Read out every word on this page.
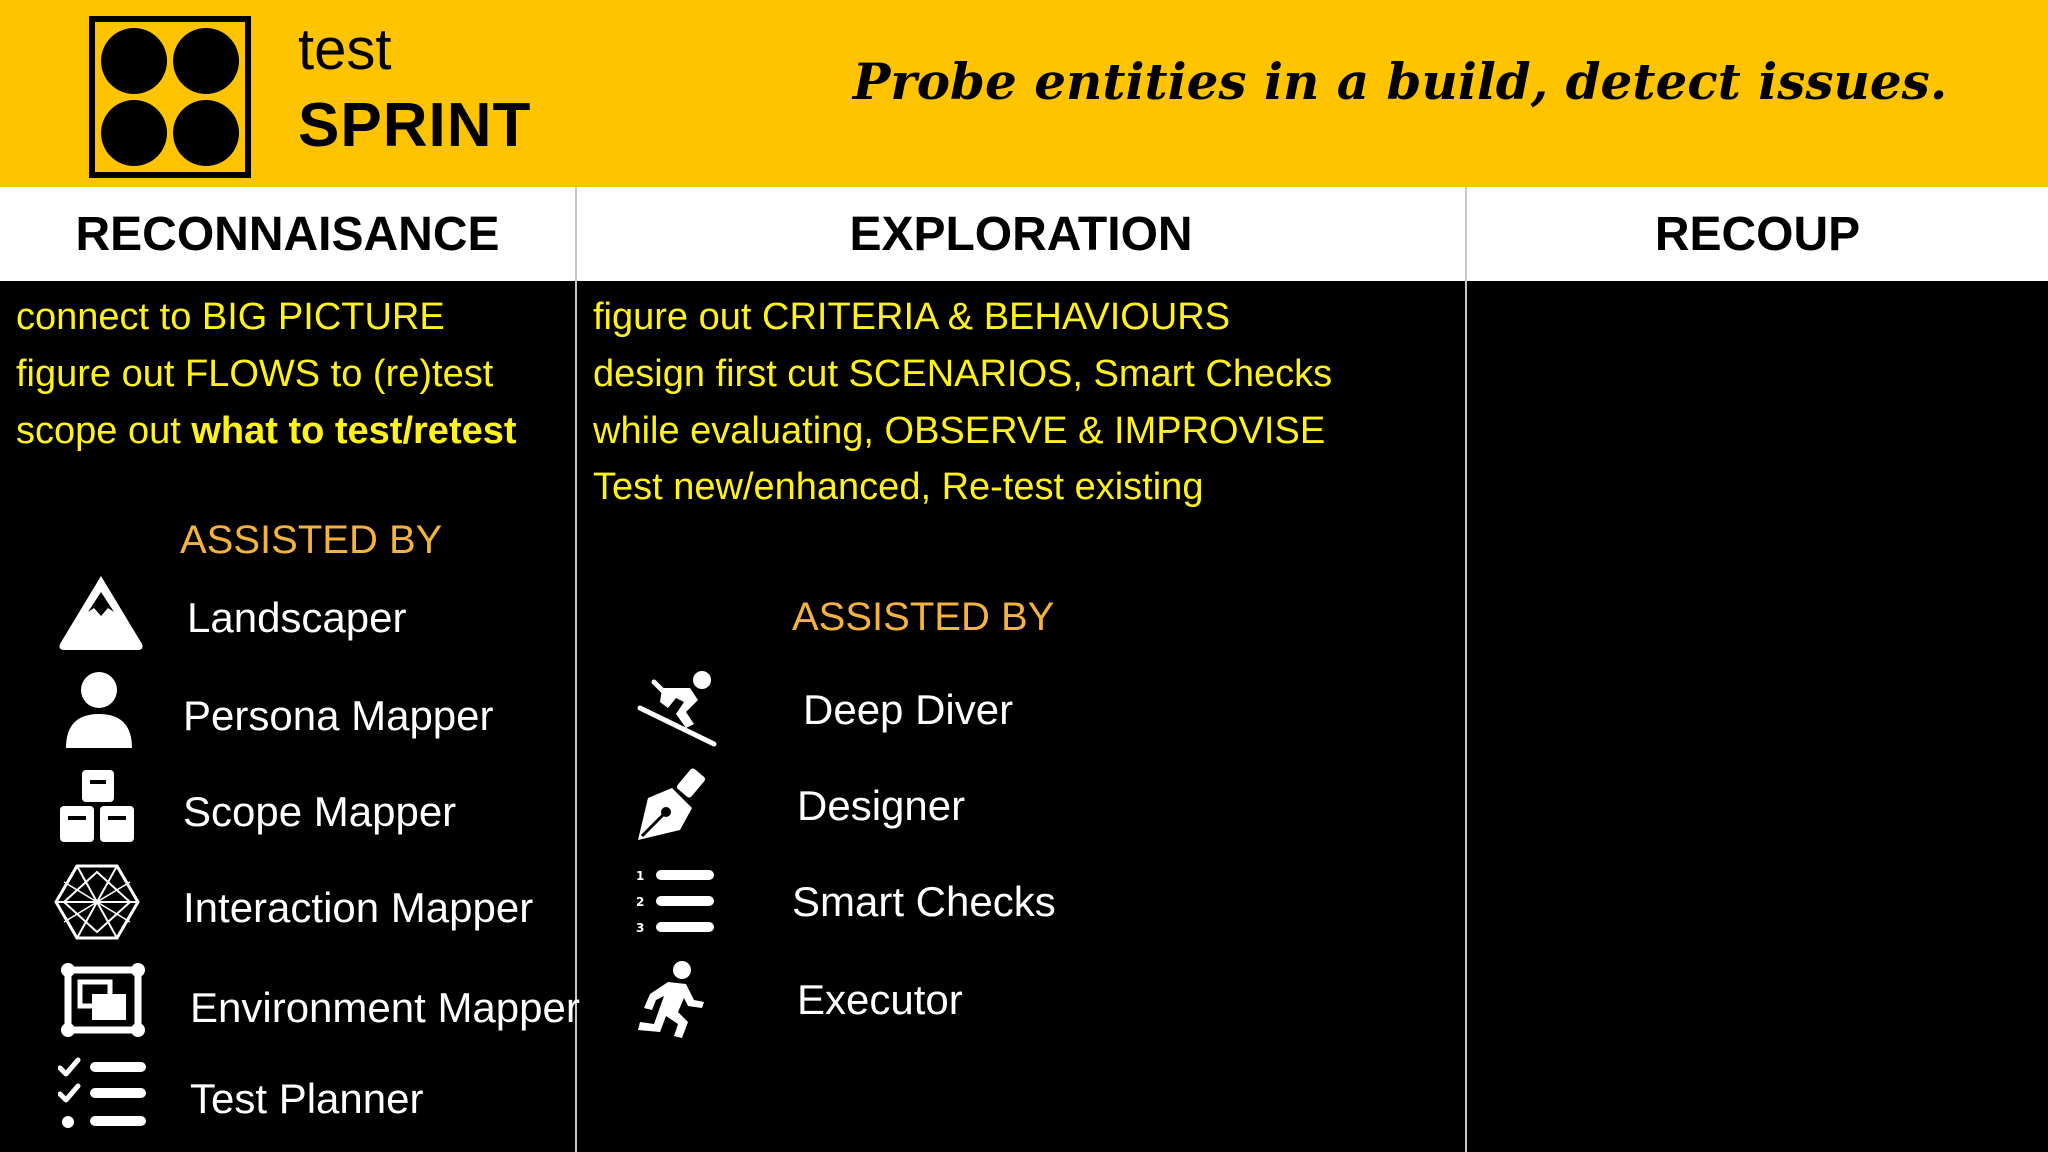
test
SPRINT
Probe entities in a build, detect issues.
RECONNAISANCE	EXPLORATION	RECOUP
connect to BIG PICTURE
figure out FLOWS to (re)test
scope out what to test/retest
ASSISTED BY
Landscaper
Persona Mapper
Scope Mapper
Interaction Mapper
Environment Mapper
Test Planner
figure out CRITERIA & BEHAVIOURS
design first cut SCENARIOS, Smart Checks
while evaluating, OBSERVE & IMPROVISE
Test new/enhanced, Re-test existing
ASSISTED BY
Deep Diver
Designer
1
2
3
Smart Checks
Executor
